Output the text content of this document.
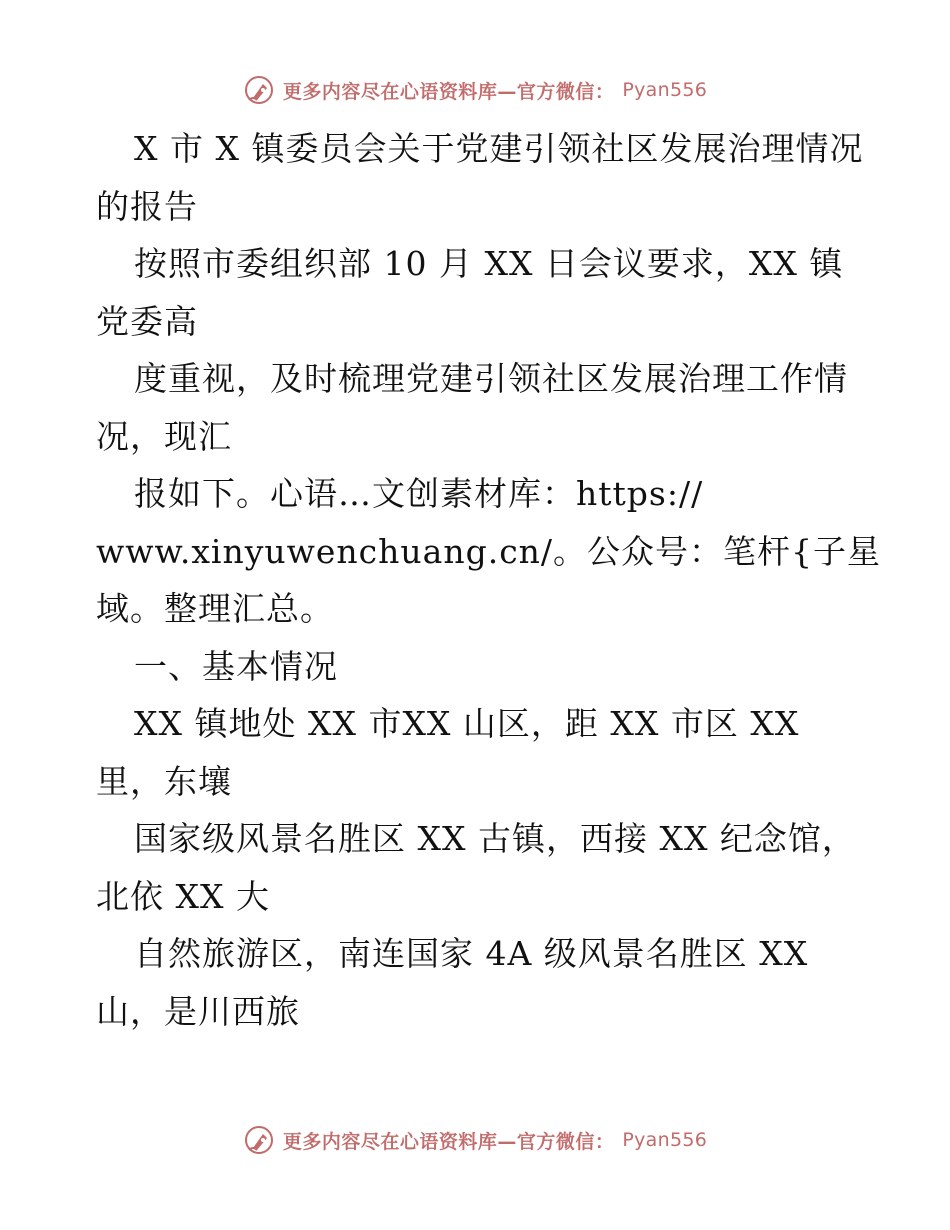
更多内容尽在心语资料库—官方微信： Pyan556
X 市 X 镇委员会关于党建引领社区发展治理情况
的报告
按照市委组织部 10 月 XX 日会议要求，XX 镇
党委高
度重视，及时梳理党建引领社区发展治理工作情
况，现汇
报如下。心语…文创素材库：https://
www.xinyuwenchuang.cn/。公众号：笔杆{子星
域。整理汇总。
一、基本情况
XX 镇地处 XX 市XX 山区，距 XX 市区 XX
里，东壤
国家级风景名胜区 XX 古镇，西接 XX 纪念馆，
北依 XX 大
自然旅游区，南连国家 4A 级风景名胜区 XX
山，是川西旅
更多内容尽在心语资料库—官方微信： Pyan556
